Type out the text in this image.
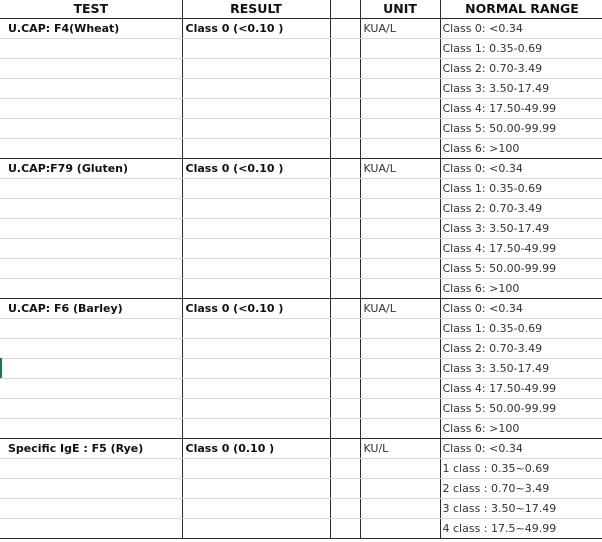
TEST	RESULT		UNIT	NORMAL RANGE
U.CAP: F4(Wheat)	Class 0 (<0.10 )		KUA/L	Class 0: <0.34
				Class 1: 0.35-0.69
				Class 2: 0.70-3.49
				Class 3: 3.50-17.49
				Class 4: 17.50-49.99
				Class 5: 50.00-99.99
				Class 6: >100
U.CAP:F79 (Gluten)	Class 0 (<0.10 )		KUA/L	Class 0: <0.34
				Class 1: 0.35-0.69
				Class 2: 0.70-3.49
				Class 3: 3.50-17.49
				Class 4: 17.50-49.99
				Class 5: 50.00-99.99
				Class 6: >100
U.CAP: F6 (Barley)	Class 0 (<0.10 )		KUA/L	Class 0: <0.34
				Class 1: 0.35-0.69
				Class 2: 0.70-3.49
				Class 3: 3.50-17.49
				Class 4: 17.50-49.99
				Class 5: 50.00-99.99
				Class 6: >100
Specific IgE : F5 (Rye)	Class 0 (0.10 )		KU/L	Class 0: <0.34
				1 class : 0.35~0.69
				2 class : 0.70~3.49
				3 class : 3.50~17.49
				4 class : 17.5~49.99
